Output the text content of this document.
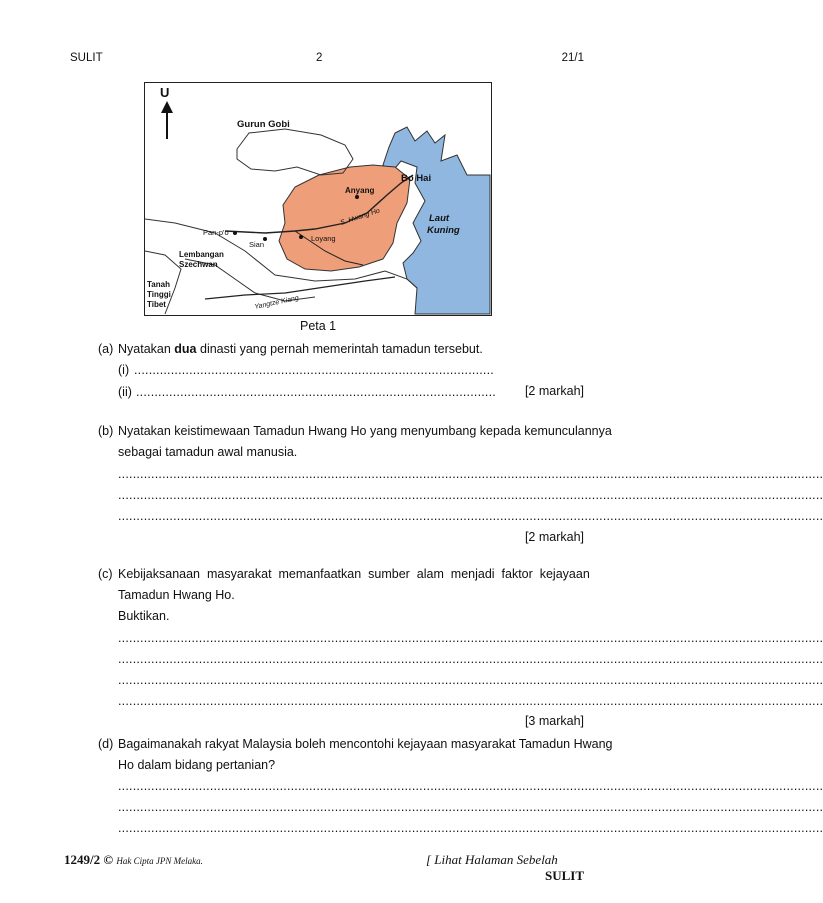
SULIT	2	21/1
U
Gurun Gobi
Bo Hai
Laut
Kuning
Anyang
S. Hwang Ho
Loyang
Pan-p'o
Sian
Lembangan
Szechwan
Yangtze Kiang
Tanah
Tinggi
Tibet
Peta 1
(a) Nyatakan dua dinasti yang pernah memerintah tamadun tersebut.
(i) ..................................................................................................
(ii) .................................................................................................. [2 markah]
(b) Nyatakan keistimewaan Tamadun Hwang Ho yang menyumbang kepada kemunculannya
sebagai tamadun awal manusia.
................................................................................................................................................................................................
................................................................................................................................................................................................
................................................................................................................................................................................................
[2 markah]
(c) Kebijaksanaan  masyarakat  memanfaatkan  sumber  alam  menjadi  faktor  kejayaan
Tamadun Hwang Ho.
Buktikan.
................................................................................................................................................................................................
................................................................................................................................................................................................
................................................................................................................................................................................................
................................................................................................................................................................................................
[3 markah]
(d) Bagaimanakah rakyat Malaysia boleh mencontohi kejayaan masyarakat Tamadun Hwang
Ho dalam bidang pertanian?
................................................................................................................................................................................................
................................................................................................................................................................................................
................................................................................................................................................................................................
1249/2 © Hak Cipta JPN Melaka.	[ Lihat Halaman Sebelah
SULIT
